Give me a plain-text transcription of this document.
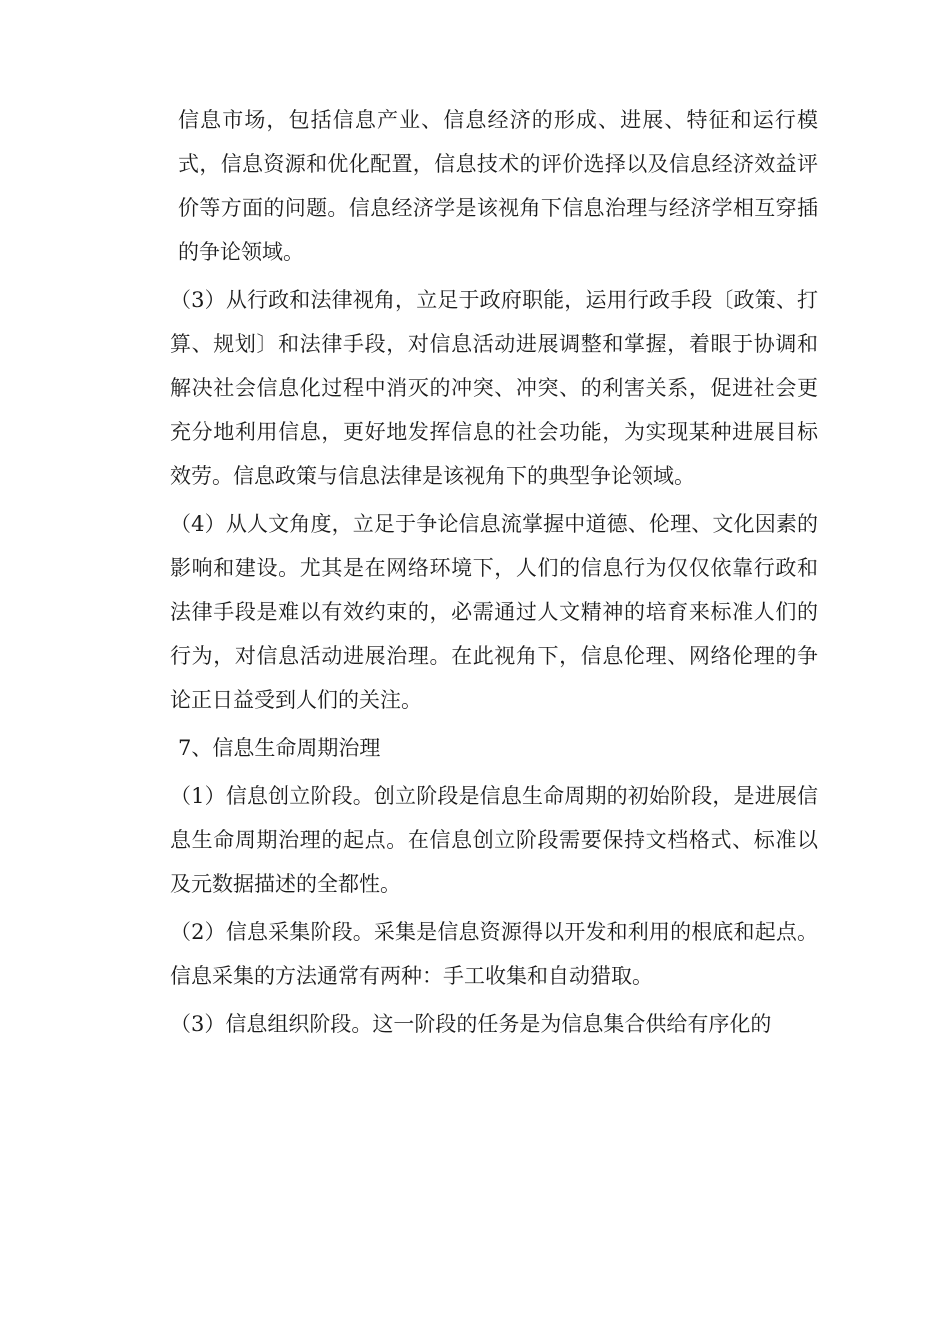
信息市场，包括信息产业、信息经济的形成、进展、特征和运行模式，信息资源和优化配置，信息技术的评价选择以及信息经济效益评价等方面的问题。信息经济学是该视角下信息治理与经济学相互穿插的争论领域。

（3）从行政和法律视角，立足于政府职能，运用行政手段〔政策、打算、规划〕和法律手段，对信息活动进展调整和掌握，着眼于协调和解决社会信息化过程中消灭的冲突、冲突、的利害关系，促进社会更充分地利用信息，更好地发挥信息的社会功能，为实现某种进展目标效劳。信息政策与信息法律是该视角下的典型争论领域。

（4）从人文角度，立足于争论信息流掌握中道德、伦理、文化因素的影响和建设。尤其是在网络环境下，人们的信息行为仅仅依靠行政和法律手段是难以有效约束的，必需通过人文精神的培育来标准人们的行为，对信息活动进展治理。在此视角下，信息伦理、网络伦理的争论正日益受到人们的关注。

7、信息生命周期治理

（1）信息创立阶段。创立阶段是信息生命周期的初始阶段，是进展信息生命周期治理的起点。在信息创立阶段需要保持文档格式、标准以及元数据描述的全都性。

（2）信息采集阶段。采集是信息资源得以开发和利用的根底和起点。信息采集的方法通常有两种：手工收集和自动猎取。

（3）信息组织阶段。这一阶段的任务是为信息集合供给有序化的
